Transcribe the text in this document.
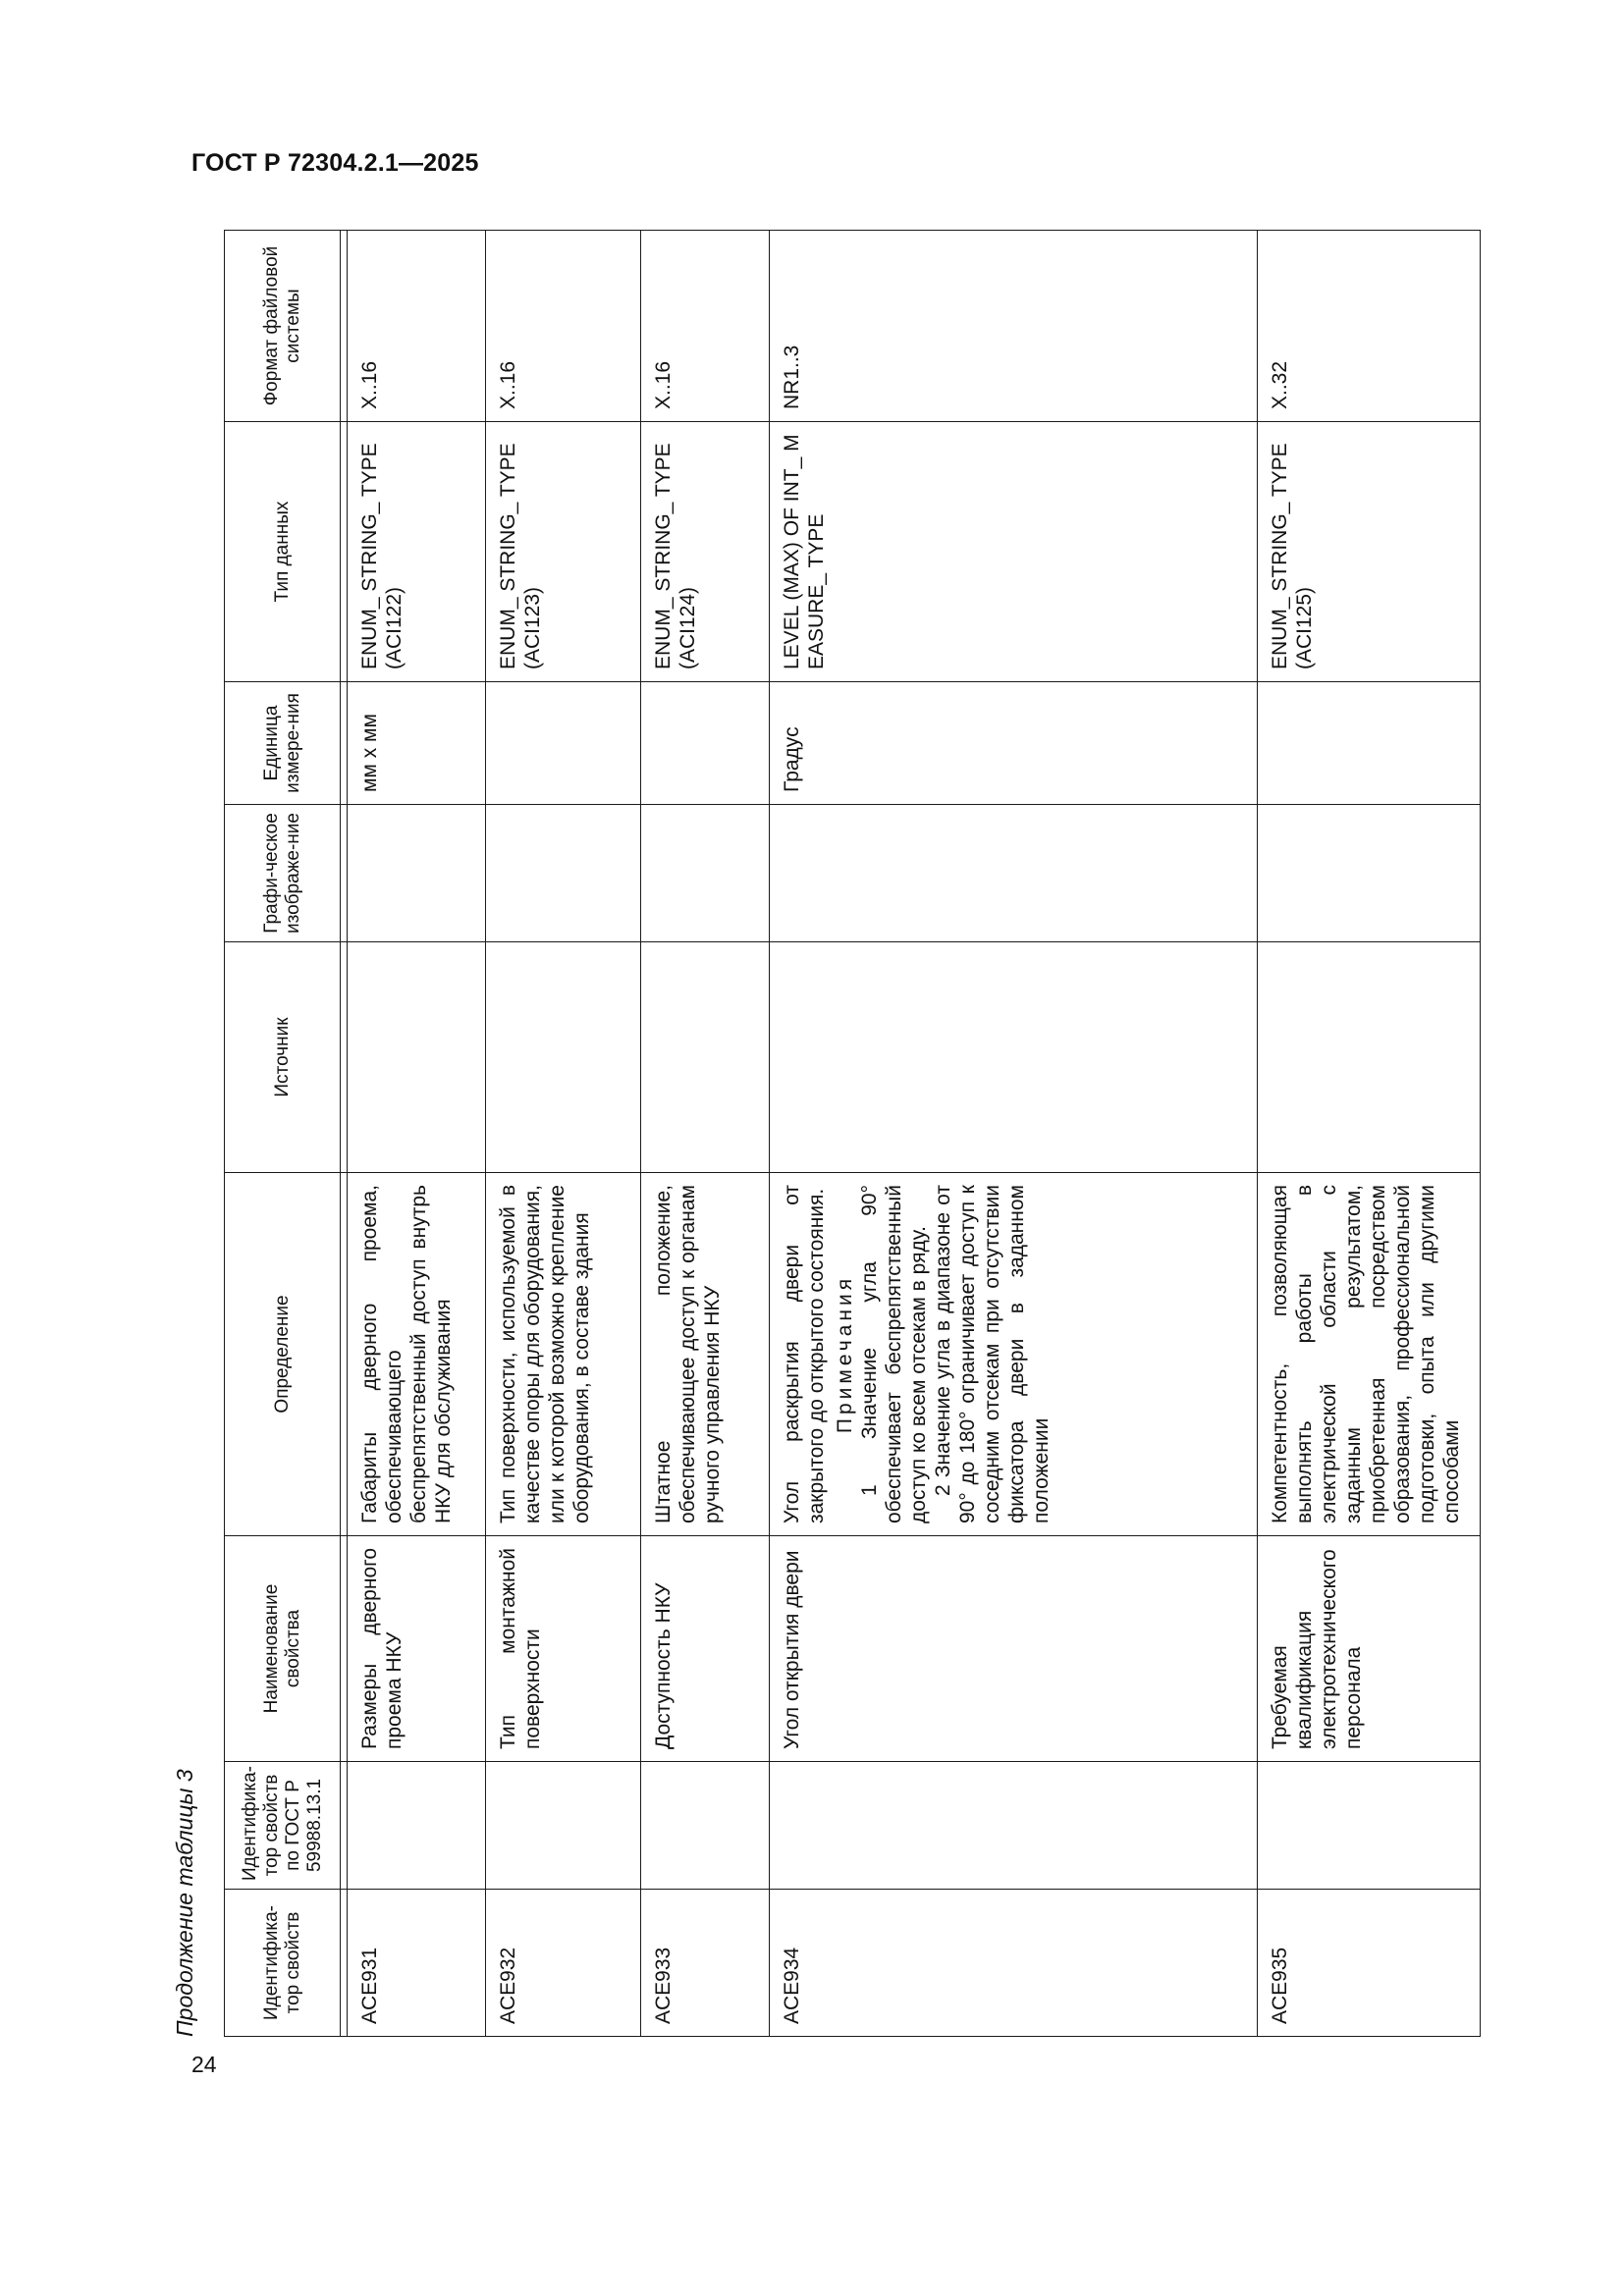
ГОСТ Р 72304.2.1—2025
Продолжение таблицы 3
24
Идентифика-тор свойств	Идентифика-тор свойств по ГОСТ Р 59988.13.1	Наименование свойства	Определение	Источник	Графи-ческое изображе-ние	Единица измере-ния	Тип данных	Формат файловой системы

ACE931		Размеры дверного проема НКУ	Габариты дверного проема, обеспечивающего беспрепятственный доступ внутрь НКУ для обслуживания			мм x мм	ENUM_ STRING_ TYPE (ACI122)	X..16
ACE932		Тип монтажной поверхности	Тип поверхности, используемой в качестве опоры для оборудования, или к которой возможно крепление оборудования, в составе здания				ENUM_ STRING_ TYPE (ACI123)	X..16
ACE933		Доступность НКУ	Штатное положение, обеспечивающее доступ к органам ручного управления НКУ				ENUM_ STRING_ TYPE (ACI124)	X..16
ACE934		Угол открытия двери	Угол раскрытия двери от закрытого до открытого состояния. Примечания 1 Значение угла 90° обеспечивает беспрепятственный доступ ко всем отсекам в ряду. 2 Значение угла в диапазоне от 90° до 180° ограничивает доступ к соседним отсекам при отсутствии фиксатора двери в заданном положении			Градус	LEVEL (MAX) OF INT_ MEASURE_ TYPE	NR1..3
ACE935		Требуемая квалификация электротехнического персонала	Компетентность, позволяющая выполнять работы в электрической области с заданным результатом, приобретенная посредством образования, профессиональной подготовки, опыта или другими способами				ENUM_ STRING_ TYPE (ACI125)	X..32
